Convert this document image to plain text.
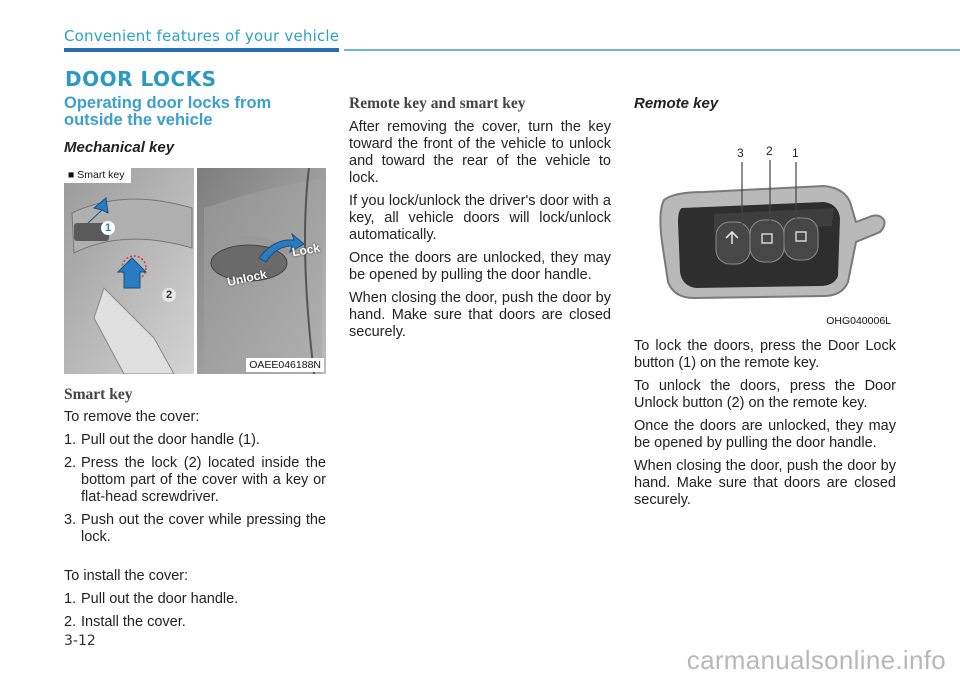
Convenient features of your vehicle
DOOR LOCKS
Operating door locks from
outside the vehicle
Mechanical key
■ Smart key
1
2
Unlock
Lock
OAEE046188N
Smart key

To remove the cover:

1. Pull out the door handle (1).
2. Press the lock (2) located inside the bottom part of the cover with a key or flat-head screwdriver.
3. Push out the cover while pressing the lock.

To install the cover:

1. Pull out the door handle.
2. Install the cover.
Remote key and smart key

After removing the cover, turn the key toward the front of the vehicle to unlock and toward the rear of the vehicle to lock.

If you lock/unlock the driver's door with a key, all vehicle doors will lock/unlock automatically.

Once the doors are unlocked, they may be opened by pulling the door handle.

When closing the door, push the door by hand. Make sure that doors are closed securely.

Remote key
3 2 1
OHG040006L

To lock the doors, press the Door Lock button (1) on the remote key.

To unlock the doors, press the Door Unlock button (2) on the remote key.

Once the doors are unlocked, they may be opened by pulling the door handle.

When closing the door, push the door by hand. Make sure that doors are closed securely.

3-12
carmanualsonline.info
